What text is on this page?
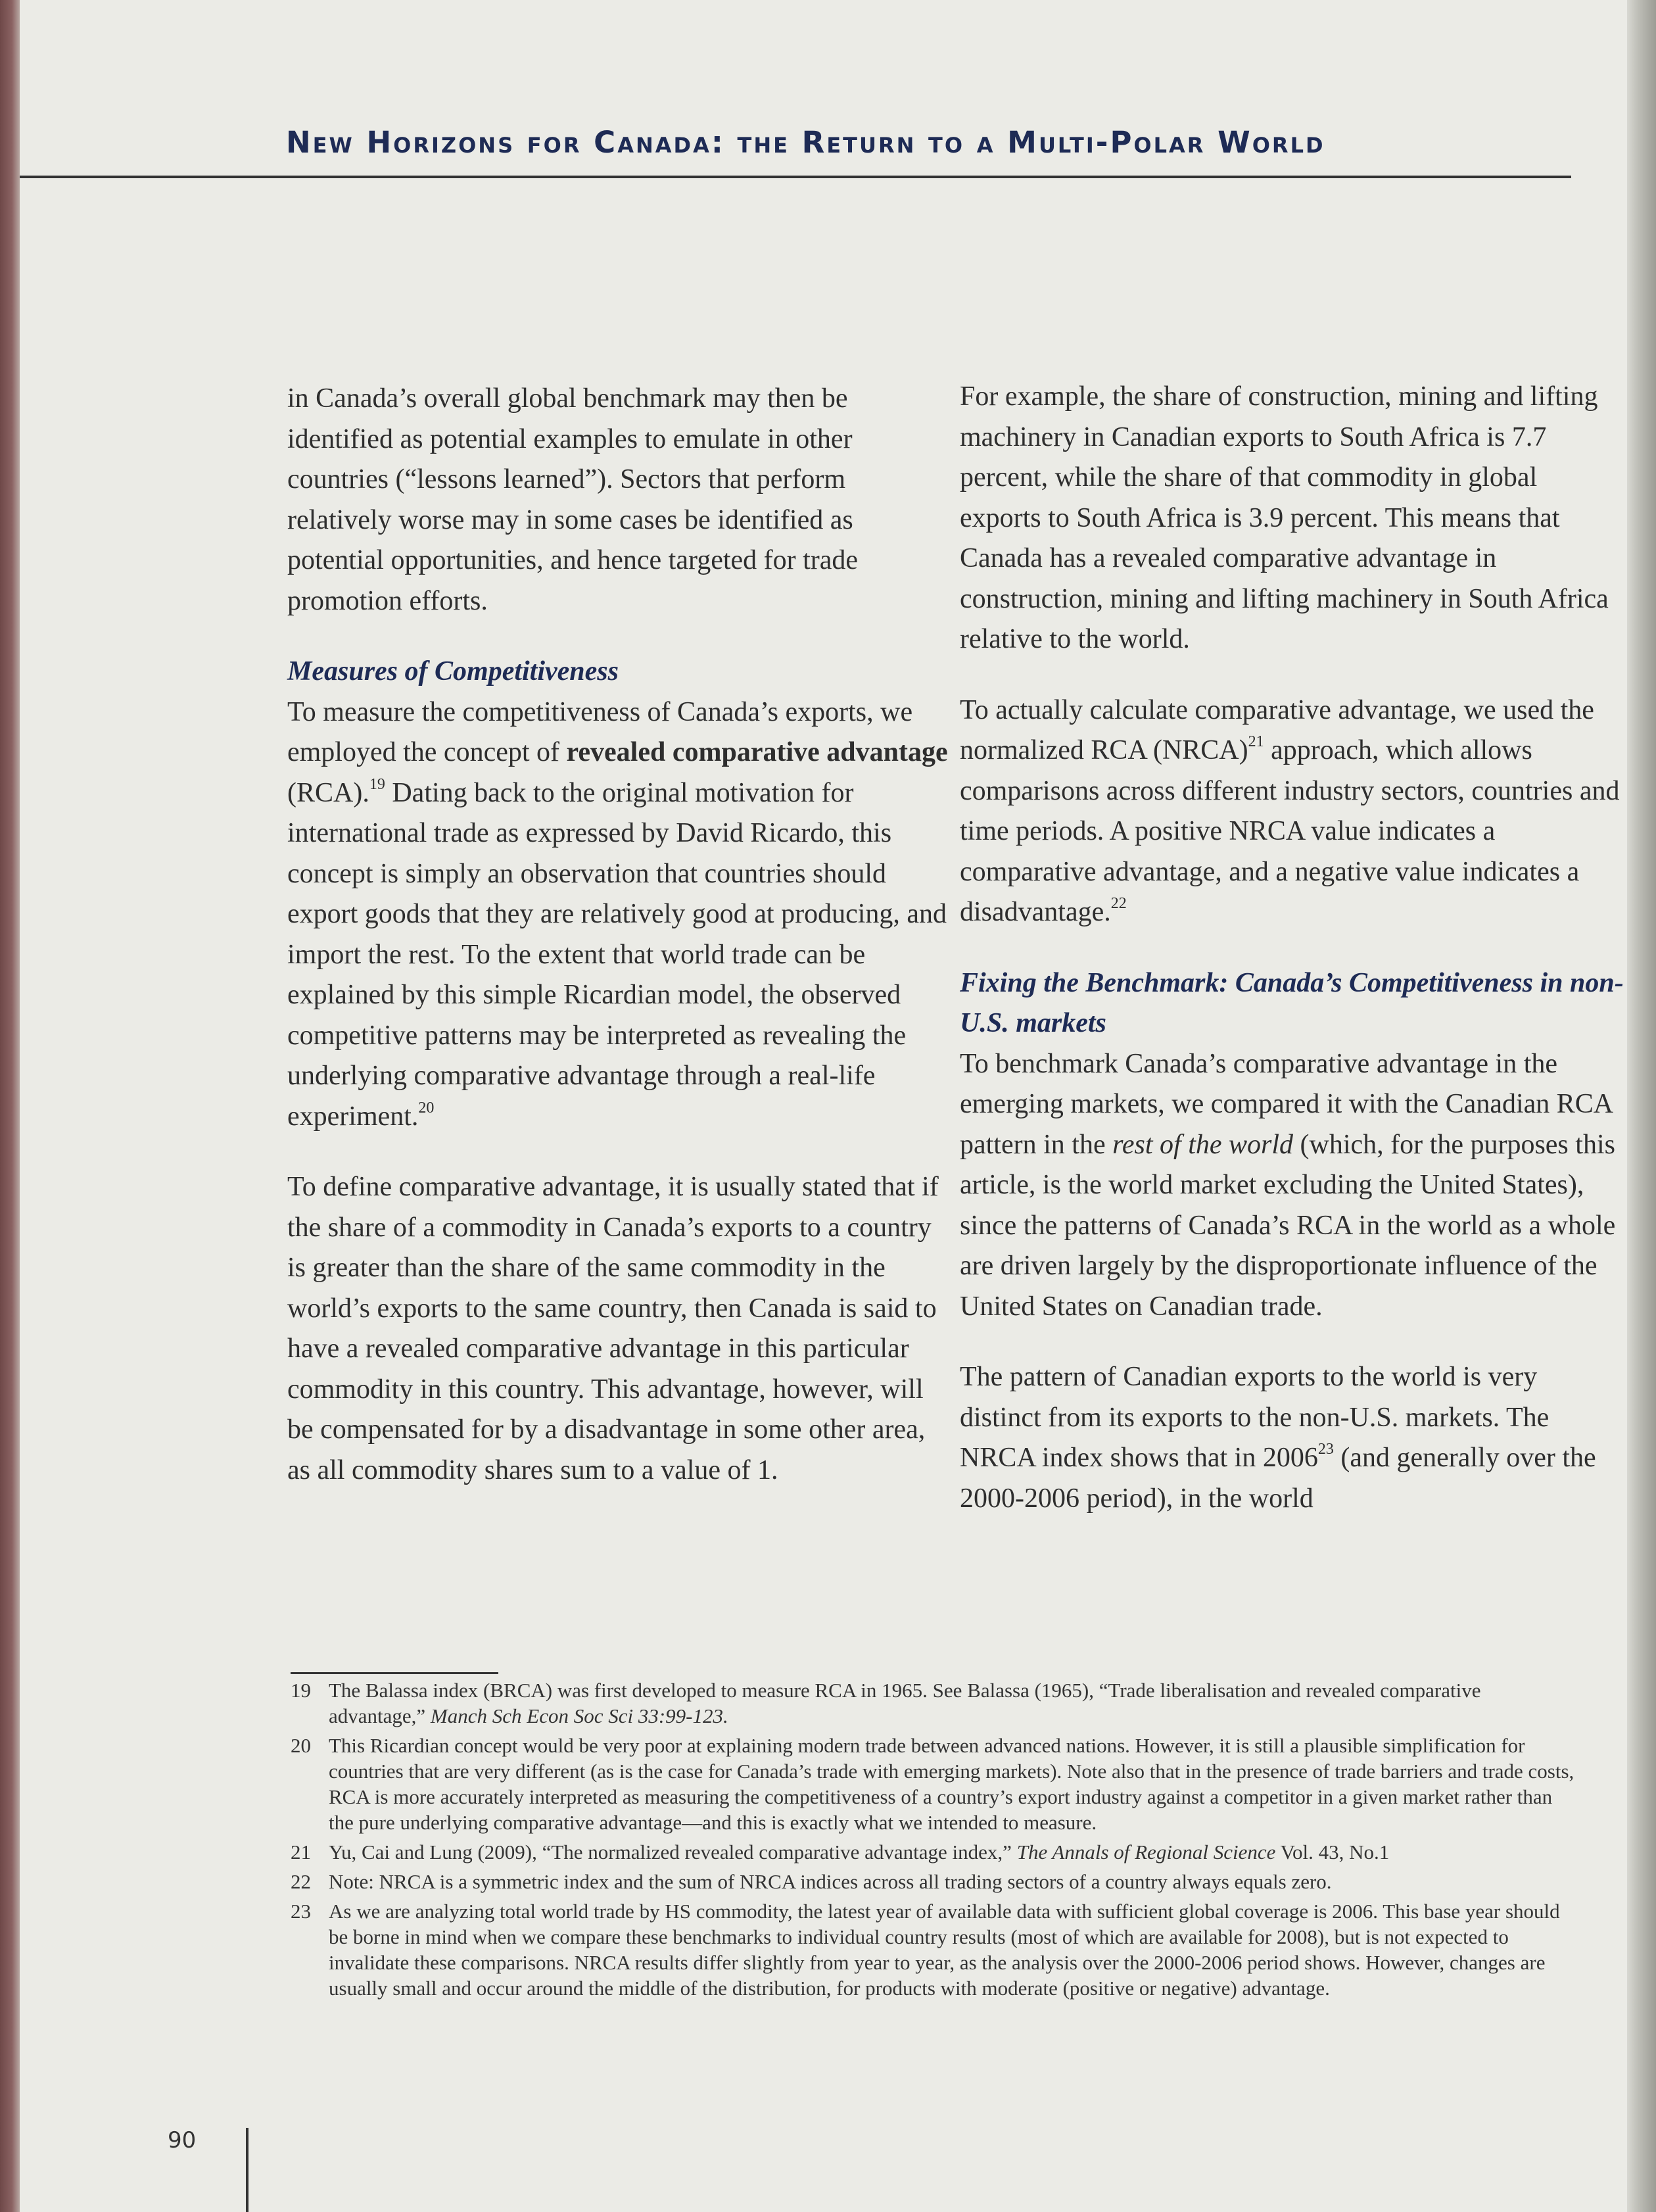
New Horizons for Canada: the Return to a Multi-Polar World

in Canada’s overall global benchmark may then be identified as potential examples to emulate in other countries (“lessons learned”). Sectors that perform relatively worse may in some cases be identified as potential opportunities, and hence targeted for trade promotion efforts.

Measures of Competitiveness

To measure the competitiveness of Canada’s exports, we employed the concept of revealed comparative advantage (RCA).$^{19}$ Dating back to the original motivation for international trade as expressed by David Ricardo, this concept is simply an observation that countries should export goods that they are relatively good at producing, and import the rest. To the extent that world trade can be explained by this simple Ricardian model, the observed competitive patterns may be interpreted as revealing the underlying comparative advantage through a real-life experiment.$^{20}$

To define comparative advantage, it is usually stated that if the share of a commodity in Canada’s exports to a country is greater than the share of the same commodity in the world’s exports to the same country, then Canada is said to have a revealed comparative advantage in this particular commodity in this country. This advantage, however, will be compensated for by a disadvantage in some other area, as all commodity shares sum to a value of 1.

For example, the share of construction, mining and lifting machinery in Canadian exports to South Africa is 7.7 percent, while the share of that commodity in global exports to South Africa is 3.9 percent. This means that Canada has a revealed comparative advantage in construction, mining and lifting machinery in South Africa relative to the world.

To actually calculate comparative advantage, we used the normalized RCA (NRCA)$^{21}$ approach, which allows comparisons across different industry sectors, countries and time periods. A positive NRCA value indicates a comparative advantage, and a negative value indicates a disadvantage.$^{22}$

Fixing the Benchmark: Canada’s Competitiveness in non-U.S. markets

To benchmark Canada’s comparative advantage in the emerging markets, we compared it with the Canadian RCA pattern in the rest of the world (which, for the purposes this article, is the world market excluding the United States), since the patterns of Canada’s RCA in the world as a whole are driven largely by the disproportionate influence of the United States on Canadian trade.

The pattern of Canadian exports to the world is very distinct from its exports to the non-U.S. markets. The NRCA index shows that in 2006$^{23}$ (and generally over the 2000-2006 period), in the world

19 The Balassa index (BRCA) was first developed to measure RCA in 1965. See Balassa (1965), “Trade liberalisation and revealed comparative advantage,” Manch Sch Econ Soc Sci 33:99-123.
20 This Ricardian concept would be very poor at explaining modern trade between advanced nations. However, it is still a plausible simplification for countries that are very different (as is the case for Canada’s trade with emerging markets). Note also that in the presence of trade barriers and trade costs, RCA is more accurately interpreted as measuring the competitiveness of a country’s export industry against a competitor in a given market rather than the pure underlying comparative advantage—and this is exactly what we intended to measure.
21 Yu, Cai and Lung (2009), “The normalized revealed comparative advantage index,” The Annals of Regional Science Vol. 43, No.1
22 Note: NRCA is a symmetric index and the sum of NRCA indices across all trading sectors of a country always equals zero.
23 As we are analyzing total world trade by HS commodity, the latest year of available data with sufficient global coverage is 2006. This base year should be borne in mind when we compare these benchmarks to individual country results (most of which are available for 2008), but is not expected to invalidate these comparisons. NRCA results differ slightly from year to year, as the analysis over the 2000-2006 period shows. However, changes are usually small and occur around the middle of the distribution, for products with moderate (positive or negative) advantage.
90
